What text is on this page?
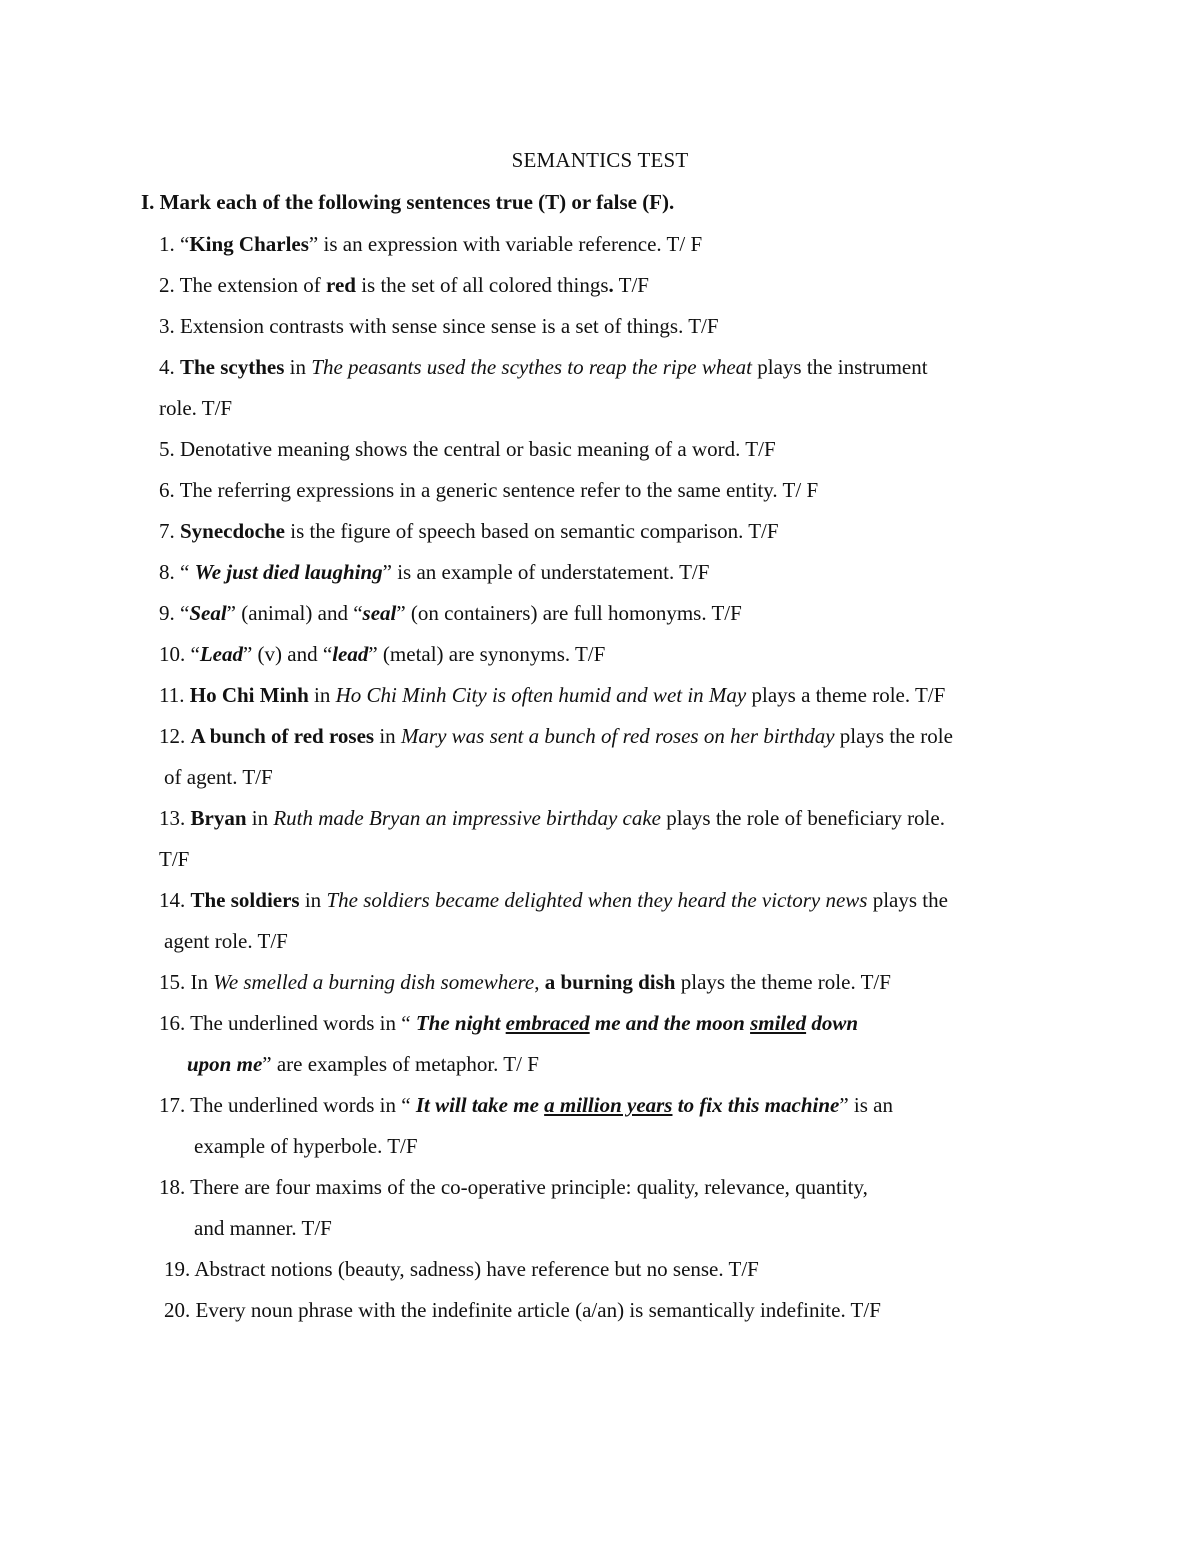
SEMANTICS TEST
I. Mark each of the following sentences true (T) or false (F).
1. “King Charles” is an expression with variable reference. T/ F
2. The extension of red is the set of all colored things. T/F
3. Extension contrasts with sense since sense is a set of things. T/F
4. The scythes in The peasants used the scythes to reap the ripe wheat plays the instrument
role. T/F
5. Denotative meaning shows the central or basic meaning of a word. T/F
6. The referring expressions in a generic sentence refer to the same entity. T/ F
7. Synecdoche is the figure of speech based on semantic comparison. T/F
8. “ We just died laughing” is an example of understatement. T/F
9. “Seal” (animal) and “seal” (on containers) are full homonyms. T/F
10. “Lead” (v) and “lead” (metal) are synonyms. T/F
11. Ho Chi Minh in Ho Chi Minh City is often humid and wet in May plays a theme role. T/F
12. A bunch of red roses in Mary was sent a bunch of red roses on her birthday plays the role
of agent. T/F
13. Bryan in Ruth made Bryan an impressive birthday cake plays the role of beneficiary role.
T/F
14. The soldiers in The soldiers became delighted when they heard the victory news plays the
agent role. T/F
15. In We smelled a burning dish somewhere, a burning dish plays the theme role. T/F
16. The underlined words in “ The night embraced me and the moon smiled down
upon me” are examples of metaphor. T/ F
17. The underlined words in “ It will take me a million years to fix this machine” is an
example of hyperbole. T/F
18. There are four maxims of the co-operative principle: quality, relevance, quantity,
and manner. T/F
19. Abstract notions (beauty, sadness) have reference but no sense. T/F
20. Every noun phrase with the indefinite article (a/an) is semantically indefinite. T/F
